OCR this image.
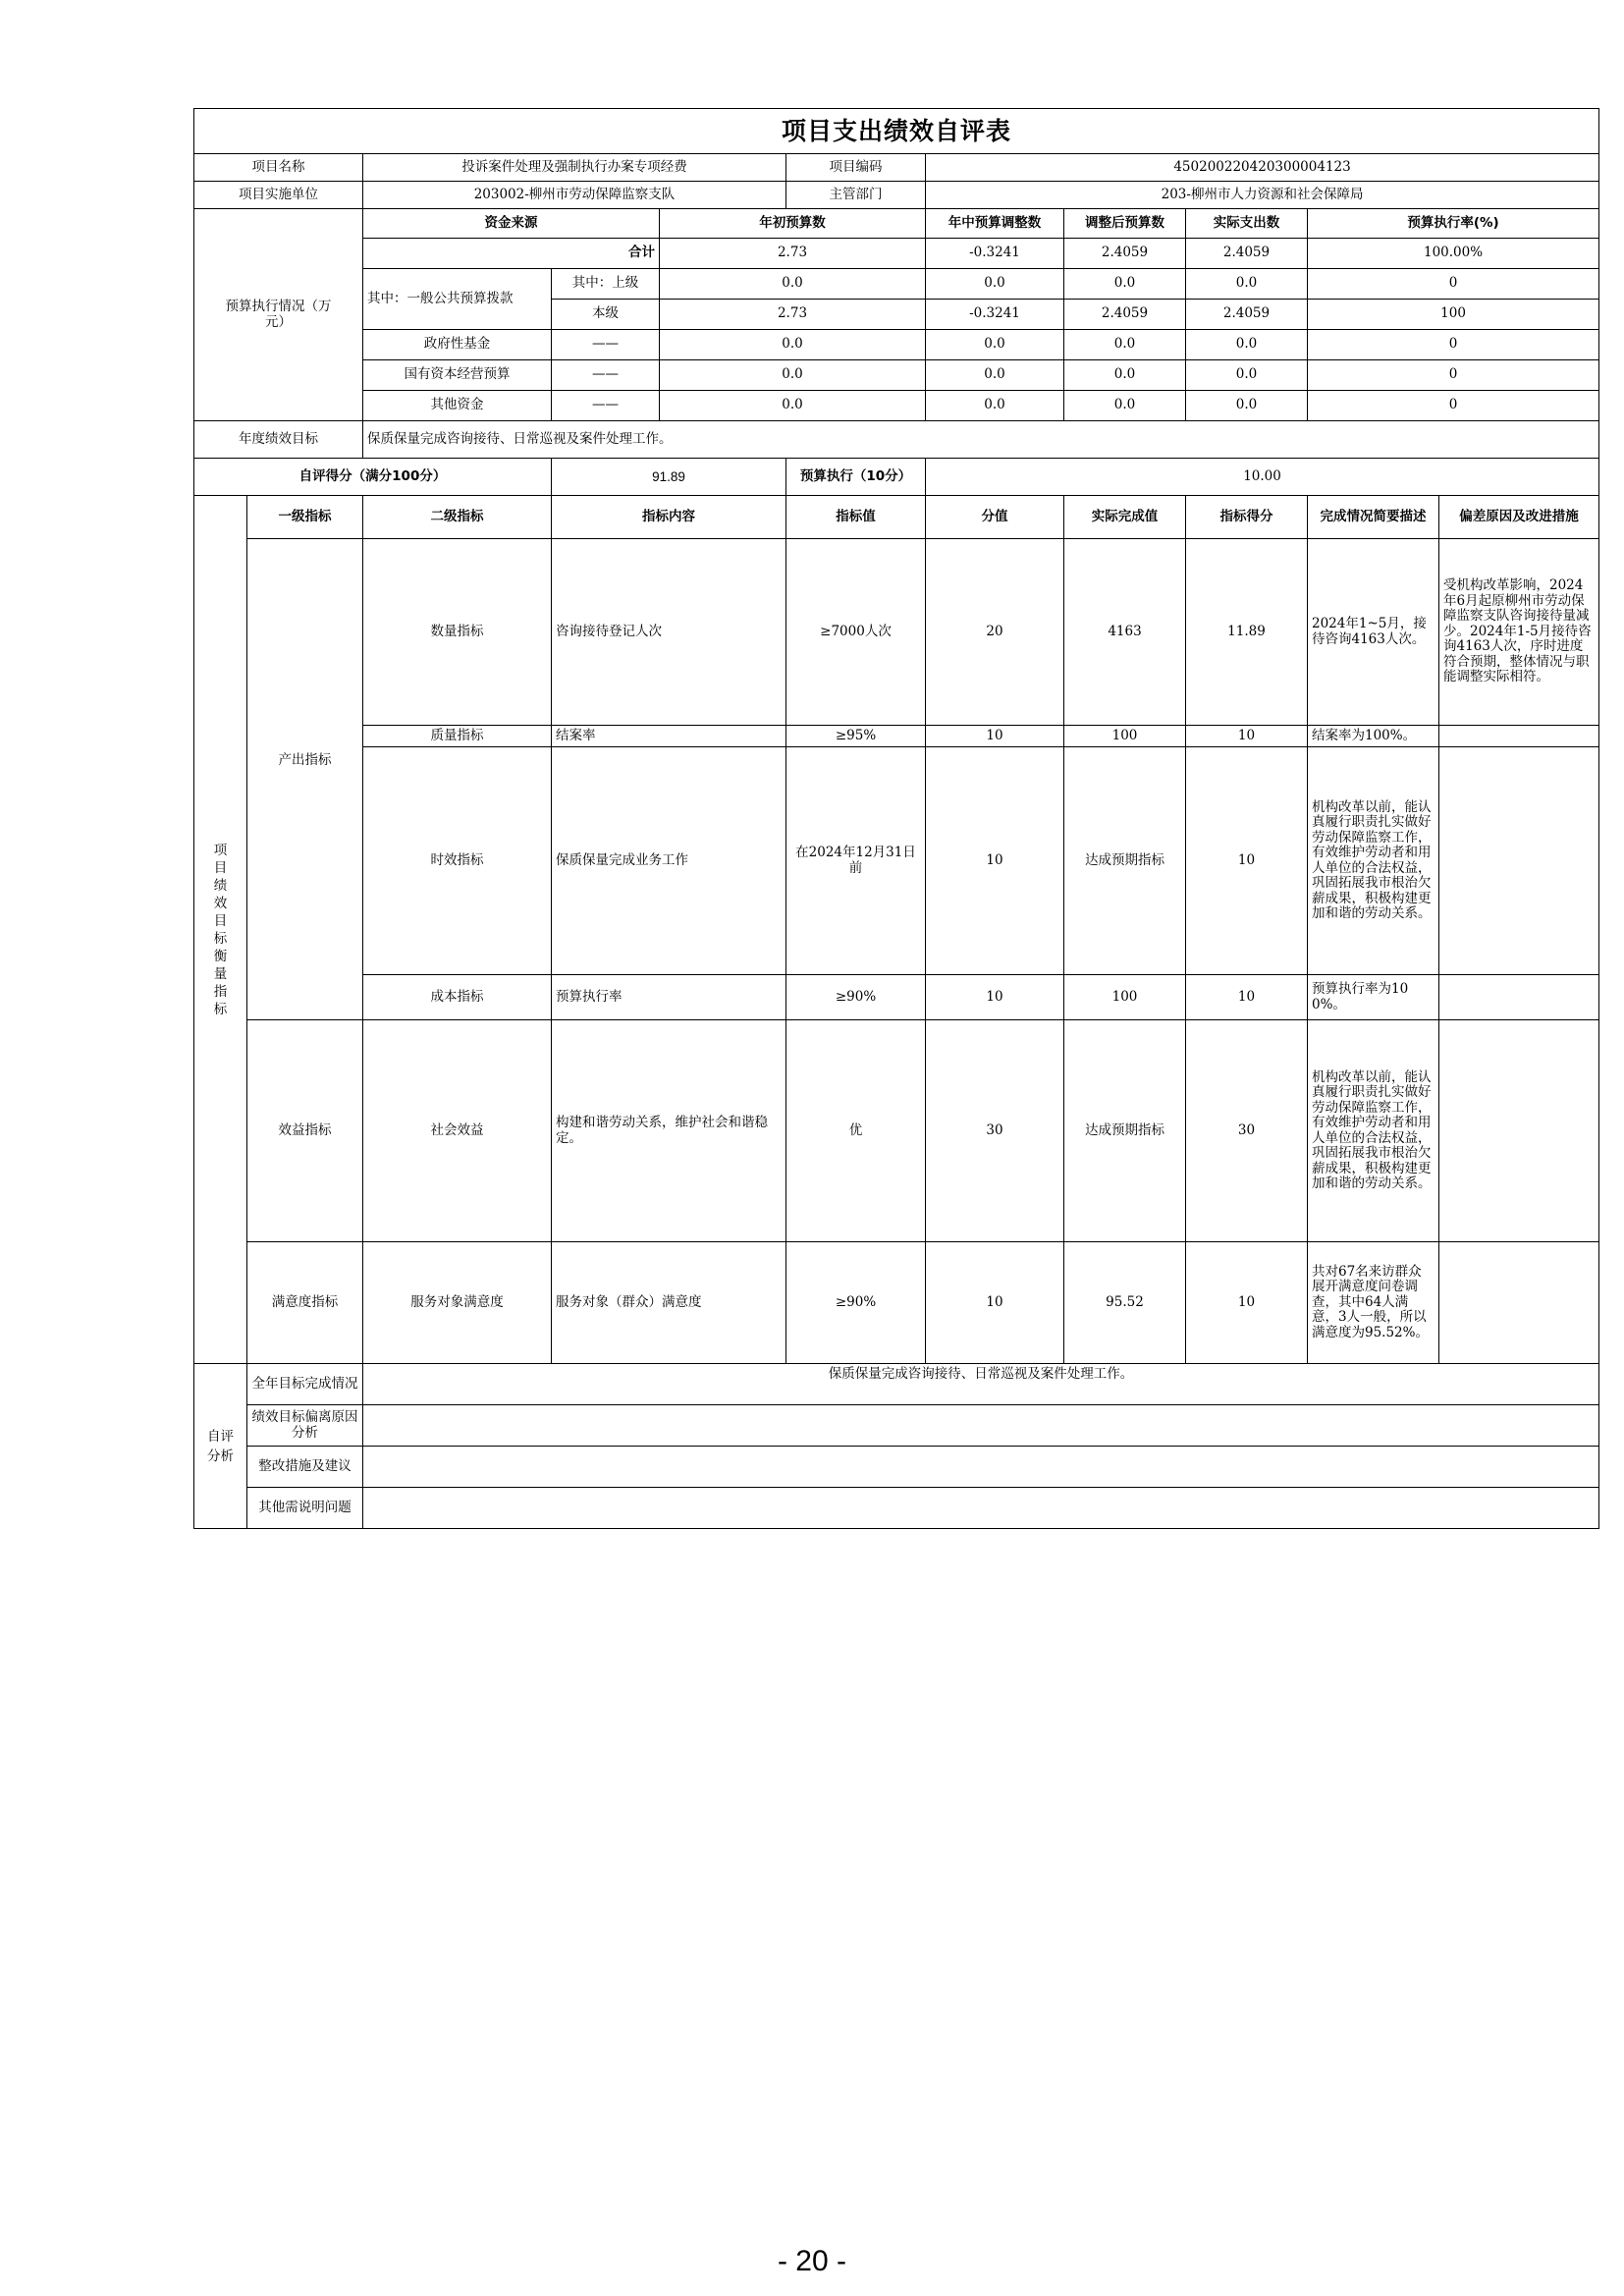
项目支出绩效自评表										
项目名称		投诉案件处理及强制执行办案专项经费			项目编码	450200220420300004123				
项目实施单位		203002-柳州市劳动保障监察支队			主管部门	203-柳州市人力资源和社会保障局				
预算执行情况（万元）		资金来源		年初预算数		年中预算调整数	调整后预算数	实际支出数	预算执行率(%)	
		合计		2.73		-0.3241	2.4059	2.4059	100.00%	
		其中：一般公共预算拨款	其中：上级	0.0		0.0	0.0	0.0	0	
			本级	2.73		-0.3241	2.4059	2.4059	100	
		政府性基金	——	0.0		0.0	0.0	0.0	0	
		国有资本经营预算	——	0.0		0.0	0.0	0.0	0	
		其他资金	——	0.0		0.0	0.0	0.0	0	
年度绩效目标		保质保量完成咨询接待、日常巡视及案件处理工作。								
自评得分（满分100分）			91.89		预算执行（10分）	10.00				
项目绩效目标衡量指标	一级指标	二级指标	指标内容		指标值	分值	实际完成值	指标得分	完成情况简要描述	偏差原因及改进措施
	产出指标	数量指标	咨询接待登记人次		≥7000人次	20	4163	11.89	2024年1~5月，接待咨询4163人次。	受机构改革影响，2024年6月起原柳州市劳动保障监察支队咨询接待量减少。2024年1-5月接待咨询4163人次，序时进度符合预期，整体情况与职能调整实际相符。
		质量指标	结案率		≥95%	10	100	10	结案率为100%。	
		时效指标	保质保量完成业务工作		在2024年12月31日前	10	达成预期指标	10	机构改革以前，能认真履行职责扎实做好劳动保障监察工作，有效维护劳动者和用人单位的合法权益，巩固拓展我市根治欠薪成果，积极构建更加和谐的劳动关系。	
		成本指标	预算执行率		≥90%	10	100	10	预算执行率为100%。	
	效益指标	社会效益	构建和谐劳动关系，维护社会和谐稳定。		优	30	达成预期指标	30	机构改革以前，能认真履行职责扎实做好劳动保障监察工作，有效维护劳动者和用人单位的合法权益，巩固拓展我市根治欠薪成果，积极构建更加和谐的劳动关系。	
	满意度指标	服务对象满意度	服务对象（群众）满意度		≥90%	10	95.52	10	共对67名来访群众展开满意度问卷调查，其中64人满意，3人一般，所以满意度为95.52%。	
自评分析	全年目标完成情况	保质保量完成咨询接待、日常巡视及案件处理工作。								
	绩效目标偏离原因分析									
	整改措施及建议									
	其他需说明问题									
- 20 -
